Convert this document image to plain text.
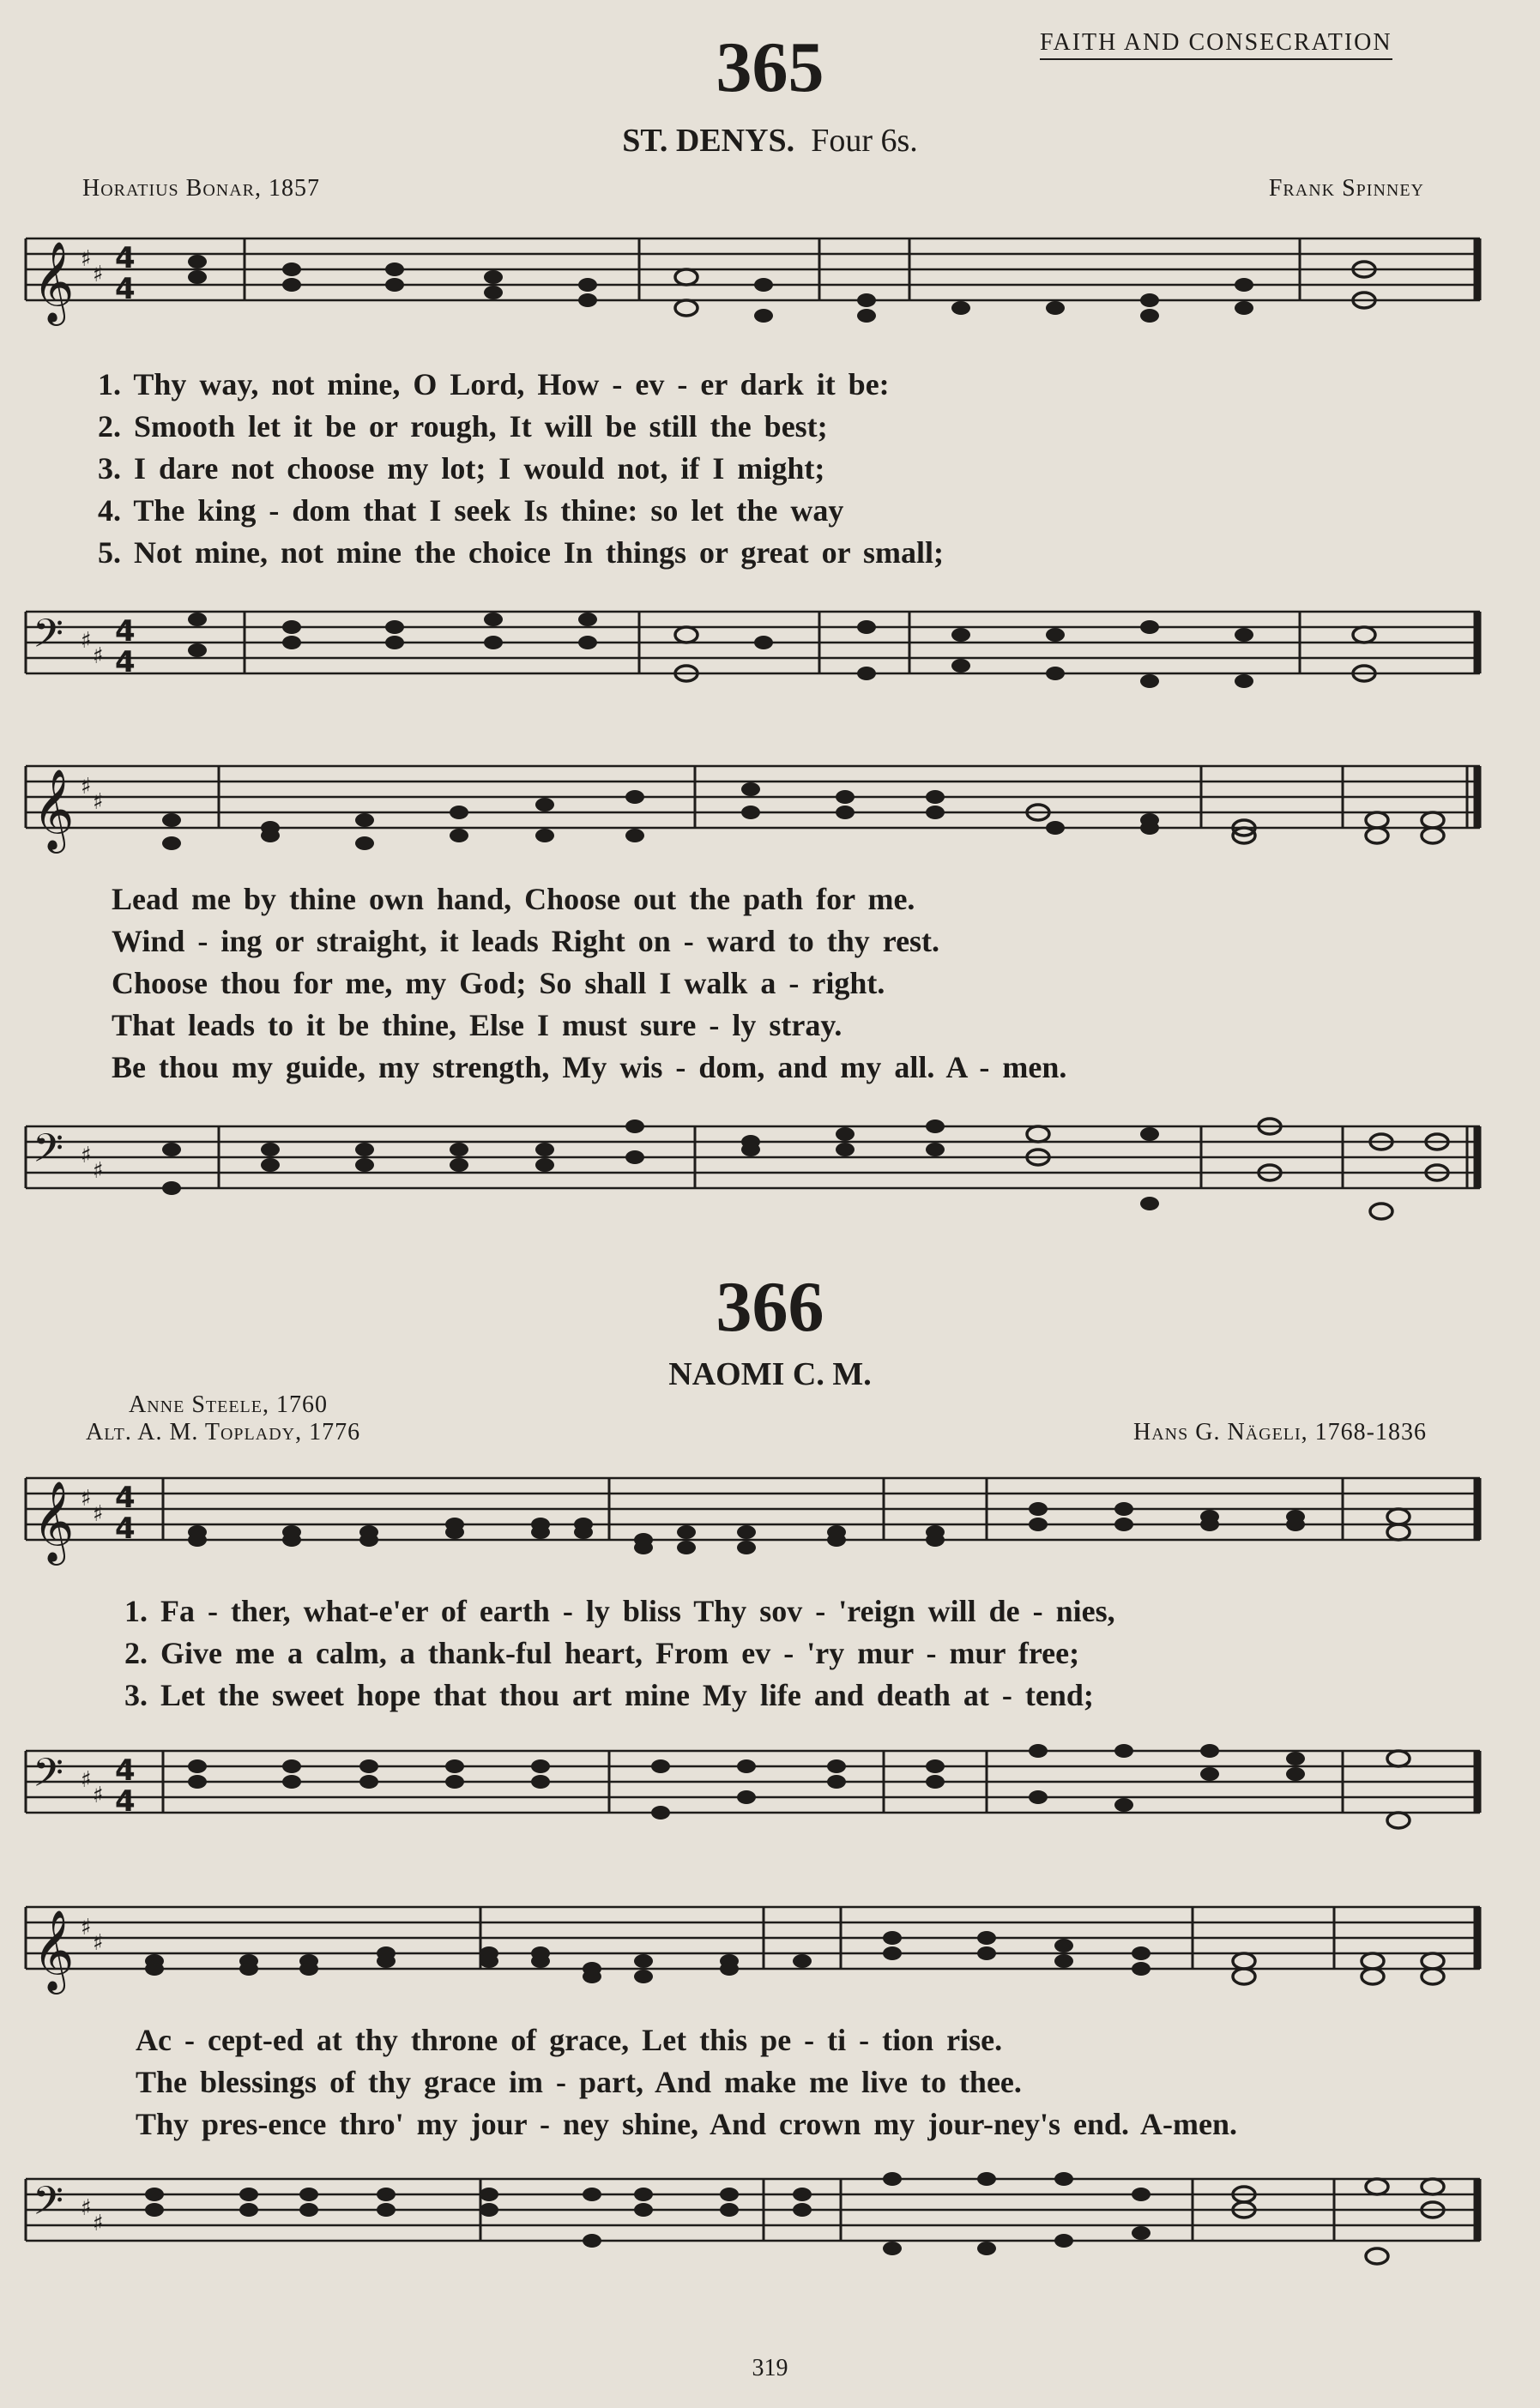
FAITH AND CONSECRATION
365
ST. DENYS. Four 6s.
Horatius Bonar, 1857	Frank Spinney
𝄞 ♯
♯ 4
4
1. Thy way, not mine, O Lord, How - ev - er dark it be:
2. Smooth let it be or rough, It will be still the best;
3. I dare not choose my lot; I would not, if I might;
4. The king - dom that I seek Is thine: so let the way
5. Not mine, not mine the choice In things or great or small;
𝄢 ♯
♯
4
4
𝄞 ♯
♯
Lead me by thine own hand, Choose out the path for me.
Wind - ing or straight, it leads Right on - ward to thy rest.
Choose thou for me, my God; So shall I walk a - right.
That leads to it be thine, Else I must sure - ly stray.
Be thou my guide, my strength, My wis - dom, and my all. A - men.
𝄢 ♯
♯
366
NAOMI C. M.
Anne Steele, 1760
Alt. A. M. Toplady, 1776	Hans G. Nägeli, 1768-1836
𝄞 ♯
♯ 4
4
1. Fa - ther, what-e'er of earth - ly bliss Thy sov - 'reign will de - nies,
2. Give me a calm, a thank-ful heart, From ev - 'ry mur - mur free;
3. Let the sweet hope that thou art mine My life and death at - tend;
𝄢 ♯
♯
4
4
𝄞 ♯
♯
Ac - cept-ed at thy throne of grace, Let this pe - ti - tion rise.
The blessings of thy grace im - part, And make me live to thee.
Thy pres-ence thro' my jour - ney shine, And crown my jour-ney's end. A-men.
𝄢 ♯
♯
319
